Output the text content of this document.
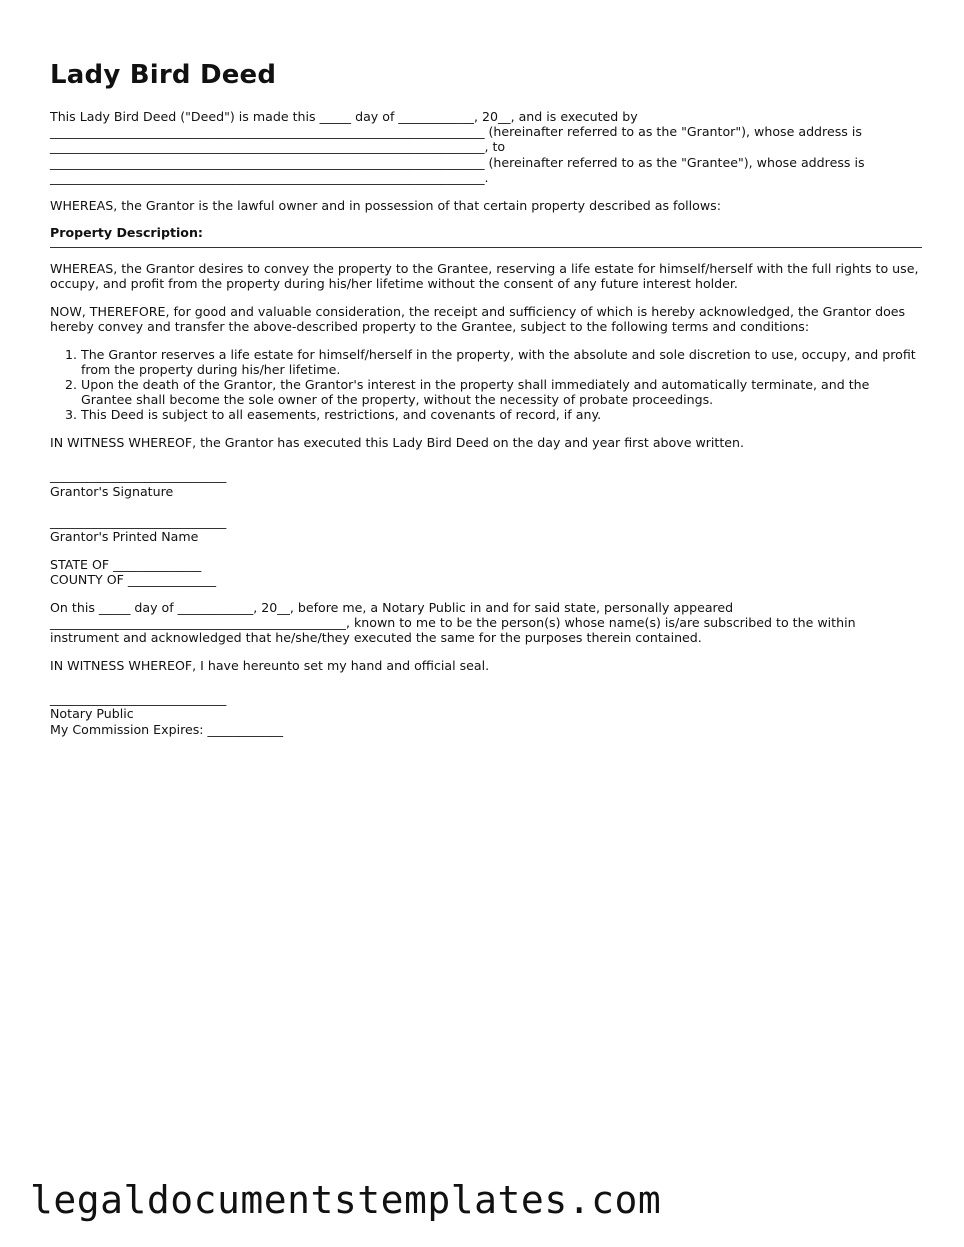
Lady Bird Deed

This Lady Bird Deed ("Deed") is made this _____ day of ____________, 20__, and is executed by

_____________________________________________________________________ (hereinafter referred to as the "Grantor"), whose address is

_____________________________________________________________________, to

_____________________________________________________________________ (hereinafter referred to as the "Grantee"), whose address is

_____________________________________________________________________.

WHEREAS, the Grantor is the lawful owner and in possession of that certain property described as follows:

Property Description:

WHEREAS, the Grantor desires to convey the property to the Grantee, reserving a life estate for himself/herself with the full rights to use, occupy, and profit from the property during his/her lifetime without the consent of any future interest holder.

NOW, THEREFORE, for good and valuable consideration, the receipt and sufficiency of which is hereby acknowledged, the Grantor does hereby convey and transfer the above-described property to the Grantee, subject to the following terms and conditions:

1. The Grantor reserves a life estate for himself/herself in the property, with the absolute and sole discretion to use, occupy, and profit from the property during his/her lifetime.
2. Upon the death of the Grantor, the Grantor's interest in the property shall immediately and automatically terminate, and the Grantee shall become the sole owner of the property, without the necessity of probate proceedings.
3. This Deed is subject to all easements, restrictions, and covenants of record, if any.

IN WITNESS WHEREOF, the Grantor has executed this Lady Bird Deed on the day and year first above written.

____________________________

Grantor's Signature

____________________________

Grantor's Printed Name

STATE OF ______________

COUNTY OF ______________

On this _____ day of ____________, 20__, before me, a Notary Public in and for said state, personally appeared

_______________________________________________, known to me to be the person(s) whose name(s) is/are subscribed to the within

instrument and acknowledged that he/she/they executed the same for the purposes therein contained.

IN WITNESS WHEREOF, I have hereunto set my hand and official seal.

____________________________

Notary Public

My Commission Expires: ____________

legaldocumentstemplates.com
